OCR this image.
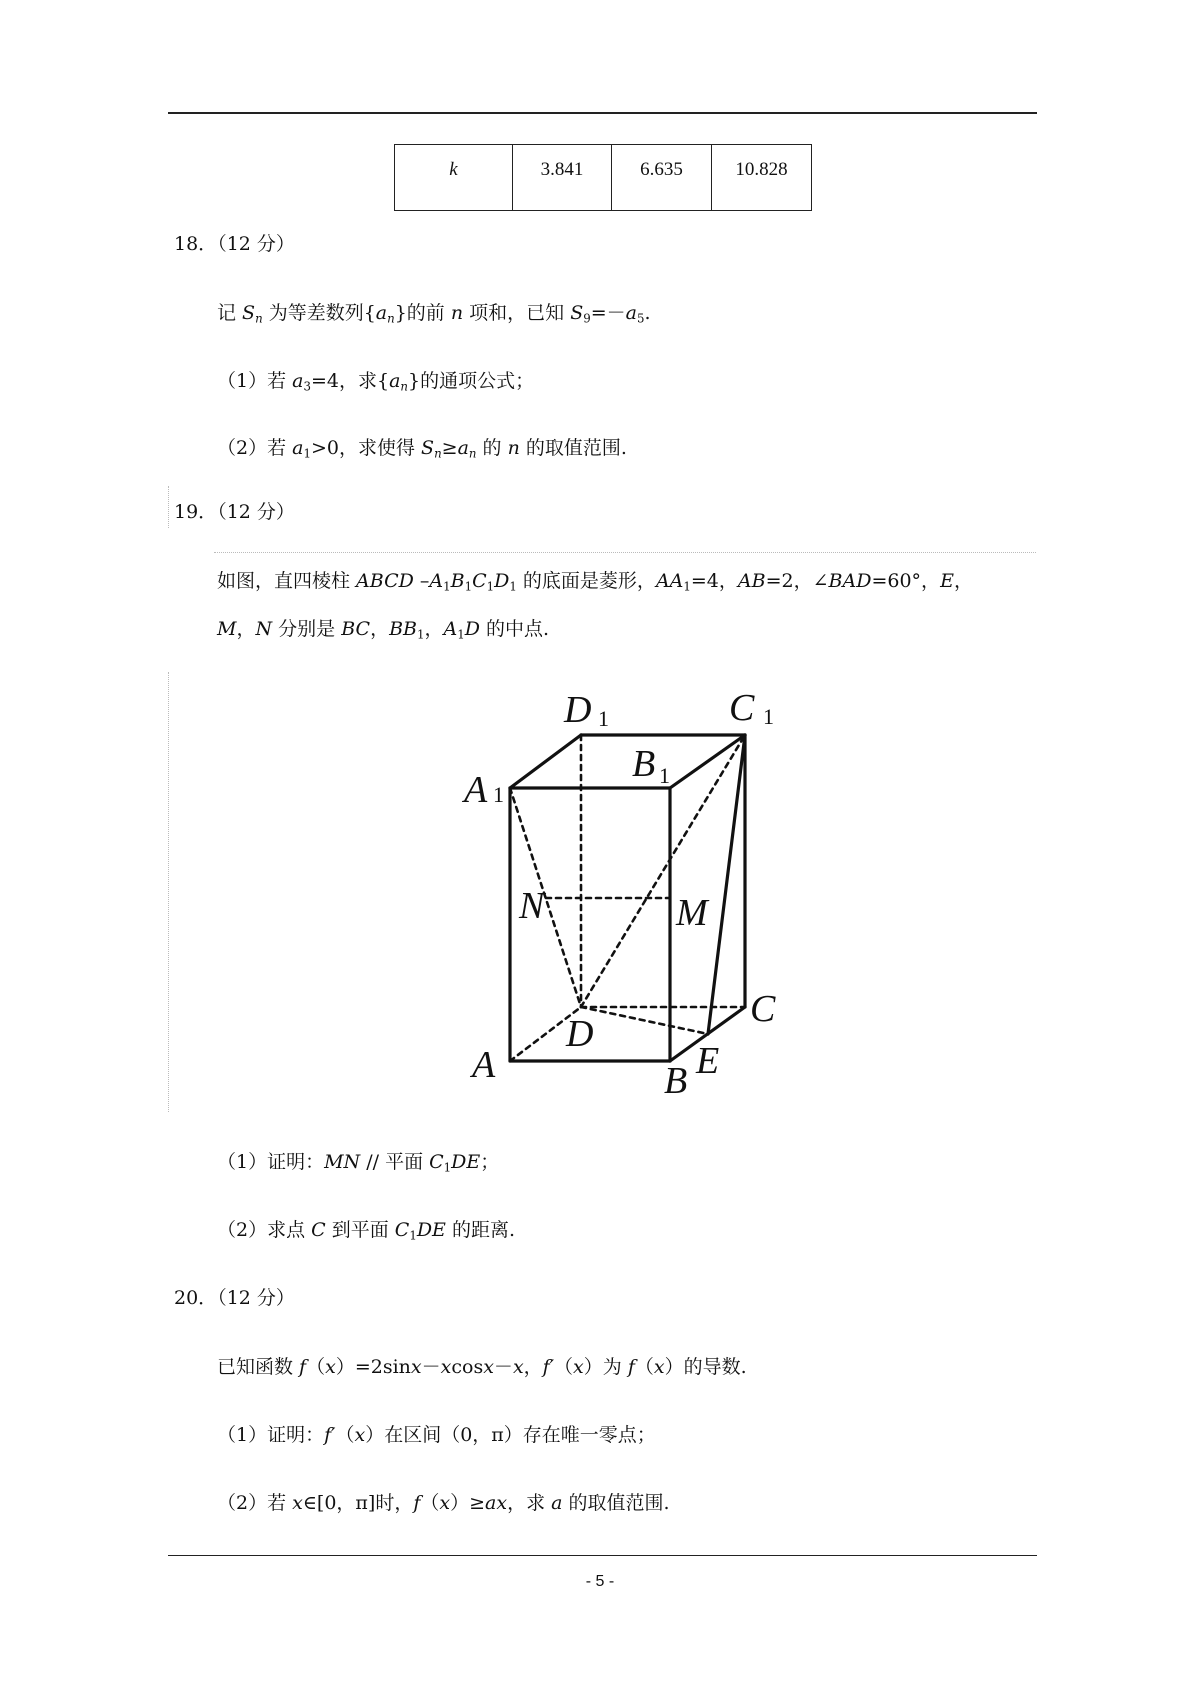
k	3.841	6.635	10.828
18．（12 分）
记 $S_n$ 为等差数列$\{a_n\}$的前 n 项和，已知 $S_9=-a_5$.
（1）若 $a_3=4$，求$\{a_n\}$的通项公式；
（2）若 $a_1>0$，求使得 $S_n\ge a_n$ 的 n 的取值范围.
19．（12 分）
如图，直四棱柱 ABCD $-A_1B_1C_1D_1$ 的底面是菱形，$AA_1=4$，AB=2，∠BAD=60°，E，
M，N 分别是 BC，$BB_1$，$A_1D$ 的中点.
D 1	C 1
B 1
A 1
N	M
D
C
A	B E
（1）证明：MN // 平面 $C_1DE$；
（2）求点 C 到平面 $C_1DE$ 的距离.
20．（12 分）
已知函数 f（x）=2sinx－xcosx－x，f′（x）为 f（x）的导数.
（1）证明：f′（x）在区间（0，π）存在唯一零点；
（2）若 x∈[0，π]时，f（x）≥ax，求 a 的取值范围.
- 5 -
